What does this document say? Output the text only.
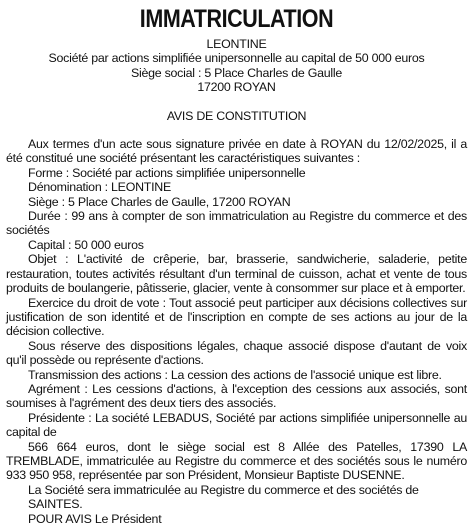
IMMATRICULATION
LEONTINE
Société par actions simplifiée unipersonnelle au capital de 50 000 euros
Siège social : 5 Place Charles de Gaulle
17200 ROYAN
AVIS DE CONSTITUTION
Aux termes d'un acte sous signature privée en date à ROYAN du 12/02/2025, il a été constitué une société présentant les caractéristiques suivantes :
Forme : Société par actions simplifiée unipersonnelle
Dénomination : LEONTINE
Siège : 5 Place Charles de Gaulle, 17200 ROYAN
Durée : 99 ans à compter de son immatriculation au Registre du commerce et des sociétés
Capital : 50 000 euros
Objet : L'activité de crêperie, bar, brasserie, sandwicherie, saladerie, petite restauration, toutes activités résultant d'un terminal de cuisson, achat et vente de tous produits de boulangerie, pâtisserie, glacier, vente à consommer sur place et à emporter.
Exercice du droit de vote : Tout associé peut participer aux décisions collectives sur justification de son identité et de l'inscription en compte de ses actions au jour de la décision collective.
Sous réserve des dispositions légales, chaque associé dispose d'autant de voix qu'il possède ou représente d'actions.
Transmission des actions : La cession des actions de l'associé unique est libre.
Agrément : Les cessions d'actions, à l'exception des cessions aux associés, sont soumises à l'agrément des deux tiers des associés.
Présidente : La société LEBADUS, Société par actions simplifiée unipersonnelle au capital de
566 664 euros, dont le siège social est 8 Allée des Patelles, 17390 LA TREMBLADE, immatriculée au Registre du commerce et des sociétés sous le numéro 933 950 958, représentée par son Président, Monsieur Baptiste DUSENNE.
La Société sera immatriculée au Registre du commerce et des sociétés de SAINTES.
POUR AVIS Le Président
